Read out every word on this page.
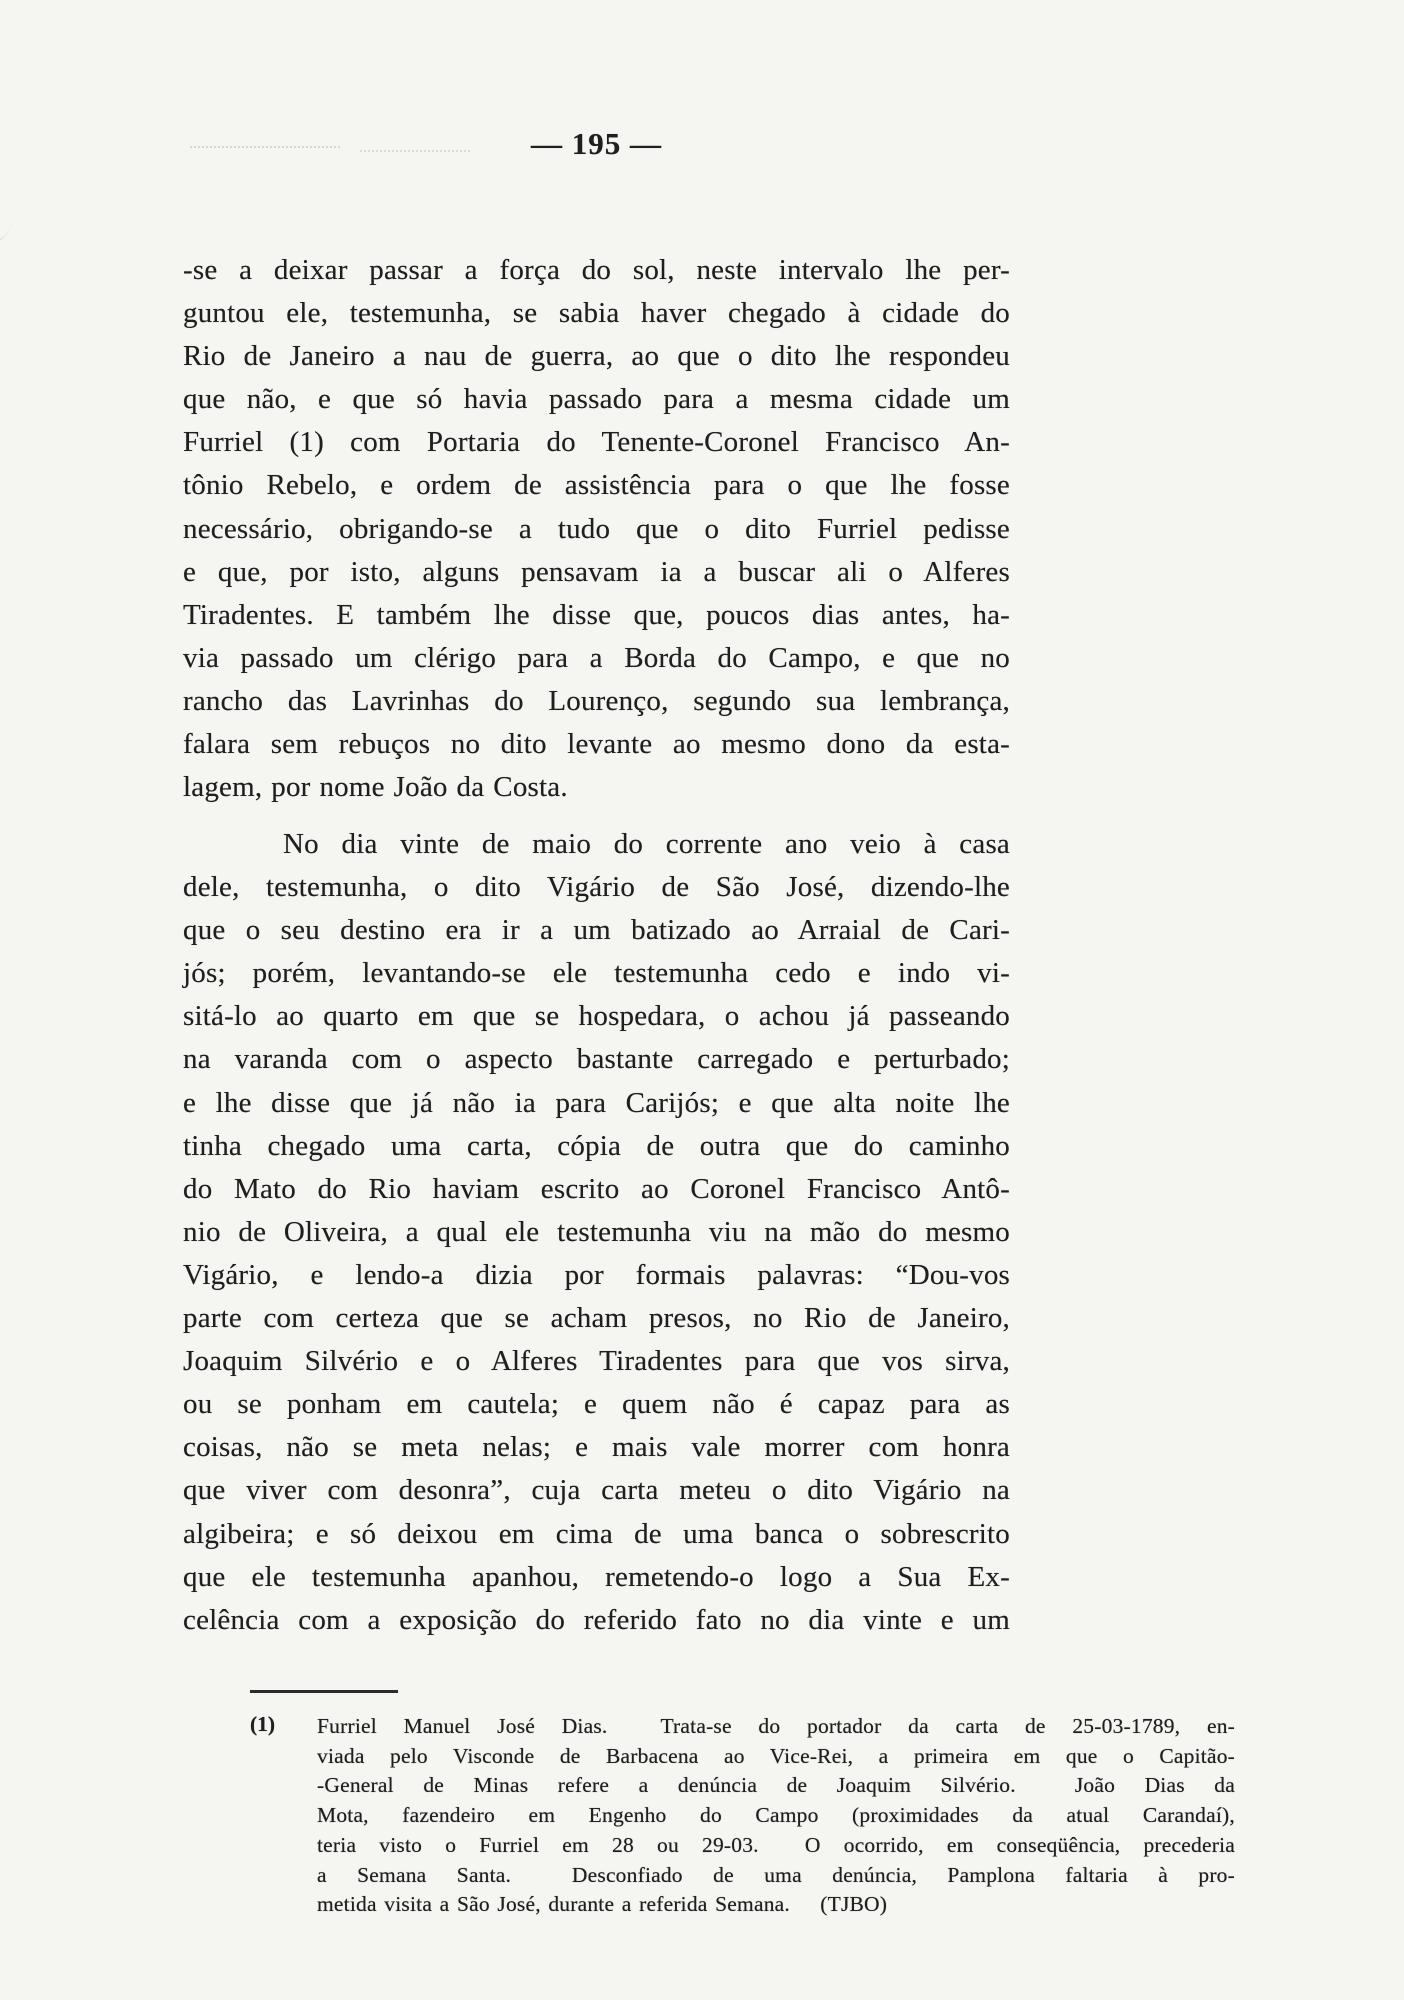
— 195 —
-se a deixar passar a força do sol, neste intervalo lhe per-
guntou ele, testemunha, se sabia haver chegado à cidade do
Rio de Janeiro a nau de guerra, ao que o dito lhe respondeu
que não, e que só havia passado para a mesma cidade um
Furriel (1) com Portaria do Tenente-Coronel Francisco An-
tônio Rebelo, e ordem de assistência para o que lhe fosse
necessário, obrigando-se a tudo que o dito Furriel pedisse
e que, por isto, alguns pensavam ia a buscar ali o Alferes
Tiradentes. E também lhe disse que, poucos dias antes, ha-
via passado um clérigo para a Borda do Campo, e que no
rancho das Lavrinhas do Lourenço, segundo sua lembrança,
falara sem rebuços no dito levante ao mesmo dono da esta-
lagem, por nome João da Costa.
No dia vinte de maio do corrente ano veio à casa
dele, testemunha, o dito Vigário de São José, dizendo-lhe
que o seu destino era ir a um batizado ao Arraial de Cari-
jós; porém, levantando-se ele testemunha cedo e indo vi-
sitá-lo ao quarto em que se hospedara, o achou já passeando
na varanda com o aspecto bastante carregado e perturbado;
e lhe disse que já não ia para Carijós; e que alta noite lhe
tinha chegado uma carta, cópia de outra que do caminho
do Mato do Rio haviam escrito ao Coronel Francisco Antô-
nio de Oliveira, a qual ele testemunha viu na mão do mesmo
Vigário, e lendo-a dizia por formais palavras: “Dou-vos
parte com certeza que se acham presos, no Rio de Janeiro,
Joaquim Silvério e o Alferes Tiradentes para que vos sirva,
ou se ponham em cautela; e quem não é capaz para as
coisas, não se meta nelas; e mais vale morrer com honra
que viver com desonra”, cuja carta meteu o dito Vigário na
algibeira; e só deixou em cima de uma banca o sobrescrito
que ele testemunha apanhou, remetendo-o logo a Sua Ex-
celência com a exposição do referido fato no dia vinte e um
(1) Furriel Manuel José Dias.  Trata-se do portador da carta de 25-03-1789, en-
viada pelo Visconde de Barbacena ao Vice-Rei, a primeira em que o Capitão-
-General de Minas refere a denúncia de Joaquim Silvério.  João Dias da
Mota, fazendeiro em Engenho do Campo (proximidades da atual Carandaí),
teria visto o Furriel em 28 ou 29-03.  O ocorrido, em conseqüência, precederia
a Semana Santa.  Desconfiado de uma denúncia, Pamplona faltaria à pro-
metida visita a São José, durante a referida Semana.    (TJBO)
